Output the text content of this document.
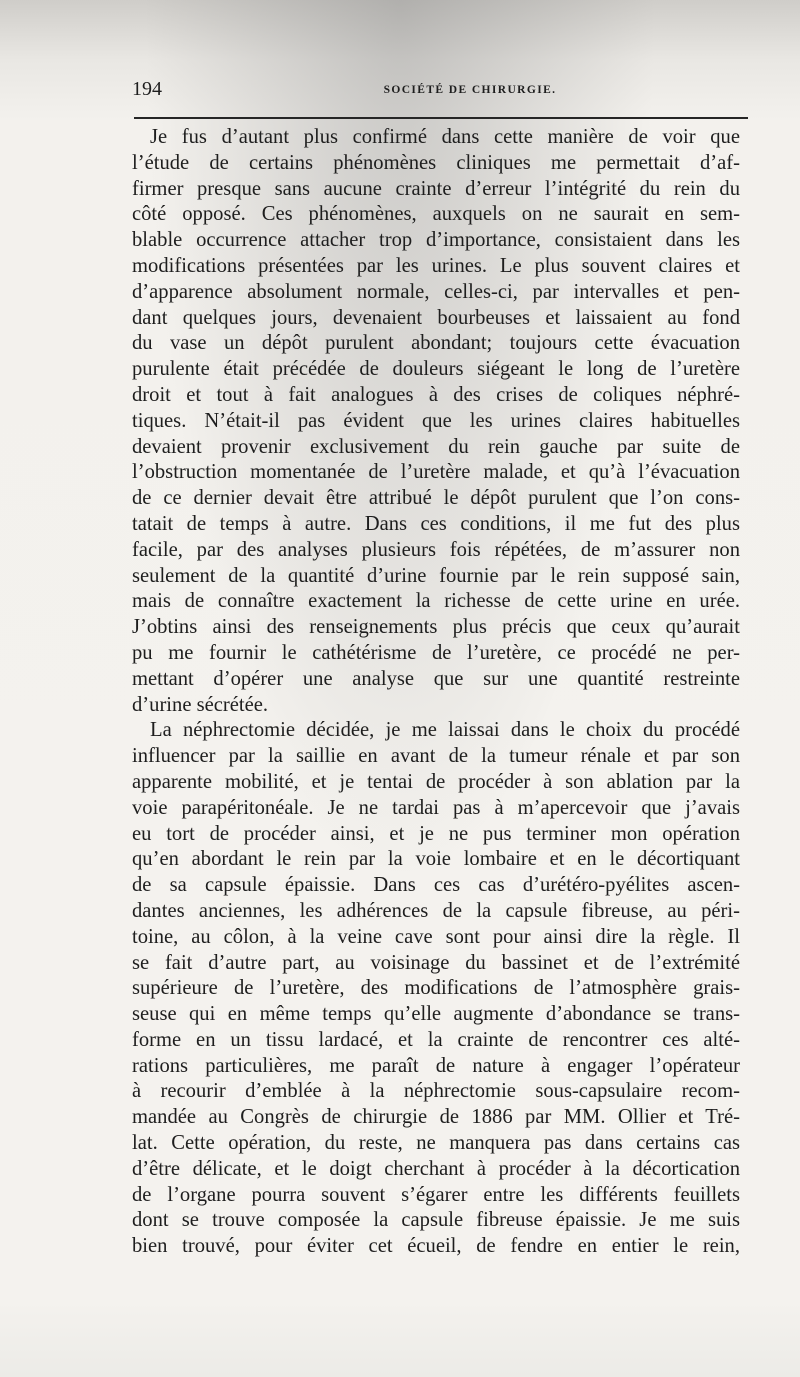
194	SOCIÉTÉ DE CHIRURGIE.
Je fus d’autant plus confirmé dans cette manière de voir que
l’étude de certains phénomènes cliniques me permettait d’af-
firmer presque sans aucune crainte d’erreur l’intégrité du rein du
côté opposé. Ces phénomènes, auxquels on ne saurait en sem-
blable occurrence attacher trop d’importance, consistaient dans les
modifications présentées par les urines. Le plus souvent claires et
d’apparence absolument normale, celles-ci, par intervalles et pen-
dant quelques jours, devenaient bourbeuses et laissaient au fond
du vase un dépôt purulent abondant; toujours cette évacuation
purulente était précédée de douleurs siégeant le long de l’uretère
droit et tout à fait analogues à des crises de coliques néphré-
tiques. N’était-il pas évident que les urines claires habituelles
devaient provenir exclusivement du rein gauche par suite de
l’obstruction momentanée de l’uretère malade, et qu’à l’évacuation
de ce dernier devait être attribué le dépôt purulent que l’on cons-
tatait de temps à autre. Dans ces conditions, il me fut des plus
facile, par des analyses plusieurs fois répétées, de m’assurer non
seulement de la quantité d’urine fournie par le rein supposé sain,
mais de connaître exactement la richesse de cette urine en urée.
J’obtins ainsi des renseignements plus précis que ceux qu’aurait
pu me fournir le cathétérisme de l’uretère, ce procédé ne per-
mettant d’opérer une analyse que sur une quantité restreinte
d’urine sécrétée.
La néphrectomie décidée, je me laissai dans le choix du procédé
influencer par la saillie en avant de la tumeur rénale et par son
apparente mobilité, et je tentai de procéder à son ablation par la
voie parapéritonéale. Je ne tardai pas à m’apercevoir que j’avais
eu tort de procéder ainsi, et je ne pus terminer mon opération
qu’en abordant le rein par la voie lombaire et en le décortiquant
de sa capsule épaissie. Dans ces cas d’urétéro-pyélites ascen-
dantes anciennes, les adhérences de la capsule fibreuse, au péri-
toine, au côlon, à la veine cave sont pour ainsi dire la règle. Il
se fait d’autre part, au voisinage du bassinet et de l’extrémité
supérieure de l’uretère, des modifications de l’atmosphère grais-
seuse qui en même temps qu’elle augmente d’abondance se trans-
forme en un tissu lardacé, et la crainte de rencontrer ces alté-
rations particulières, me paraît de nature à engager l’opérateur
à recourir d’emblée à la néphrectomie sous-capsulaire recom-
mandée au Congrès de chirurgie de 1886 par MM. Ollier et Tré-
lat. Cette opération, du reste, ne manquera pas dans certains cas
d’être délicate, et le doigt cherchant à procéder à la décortication
de l’organe pourra souvent s’égarer entre les différents feuillets
dont se trouve composée la capsule fibreuse épaissie. Je me suis
bien trouvé, pour éviter cet écueil, de fendre en entier le rein,
